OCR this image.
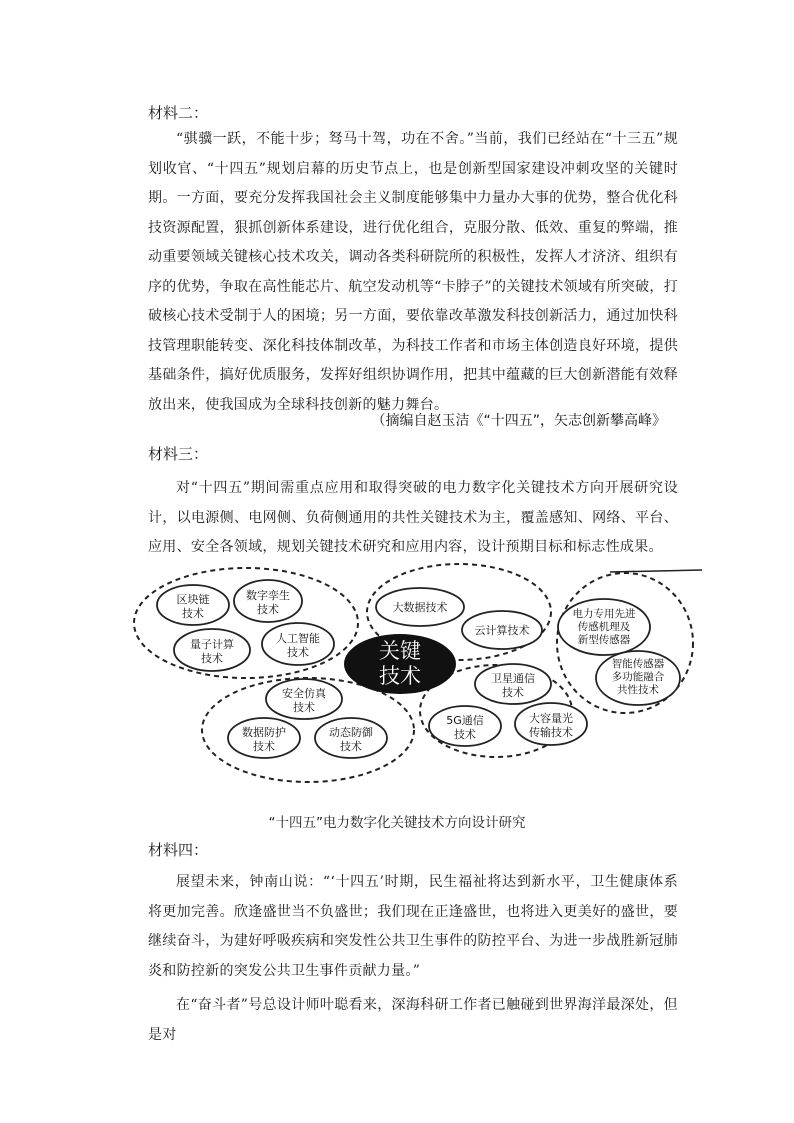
材料二：

“骐骥一跃，不能十步；驽马十驾，功在不舍。”当前，我们已经站在“十三五”规划收官、“十四五”规划启幕的历史节点上，也是创新型国家建设冲刺攻坚的关键时期。一方面，要充分发挥我国社会主义制度能够集中力量办大事的优势，整合优化科技资源配置，狠抓创新体系建设，进行优化组合，克服分散、低效、重复的弊端，推动重要领域关键核心技术攻关，调动各类科研院所的积极性，发挥人才济济、组织有序的优势，争取在高性能芯片、航空发动机等“卡脖子”的关键技术领域有所突破，打破核心技术受制于人的困境；另一方面，要依靠改革激发科技创新活力，通过加快科技管理职能转变、深化科技体制改革，为科技工作者和市场主体创造良好环境，提供基础条件，搞好优质服务，发挥好组织协调作用，把其中蕴藏的巨大创新潜能有效释放出来，使我国成为全球科技创新的魅力舞台。

（摘编自赵玉洁《“十四五”，矢志创新攀高峰》
材料三：

对“十四五”期间需重点应用和取得突破的电力数字化关键技术方向开展研究设计，以电源侧、电网侧、负荷侧通用的共性关键技术为主，覆盖感知、网络、平台、应用、安全各领域，规划关键技术研究和应用内容，设计预期目标和标志性成果。

关键
技术
区块链
技术
数字孪生
技术
量子计算
技术
人工智能
技术
大数据技术
云计算技术
电力专用先进
传感机理及
新型传感器
智能传感器
多功能融合
共性技术
卫星通信
技术
5G通信
技术
大容量光
传输技术
安全仿真
技术
数据防护
技术
动态防御
技术
“十四五”电力数字化关键技术方向设计研究
材料四：

展望未来，钟南山说：“‘十四五’时期，民生福祉将达到新水平，卫生健康体系将更加完善。欣逢盛世当不负盛世；我们现在正逢盛世，也将进入更美好的盛世，要继续奋斗，为建好呼吸疾病和突发性公共卫生事件的防控平台、为进一步战胜新冠肺炎和防控新的突发公共卫生事件贡献力量。”

在“奋斗者”号总设计师叶聪看来，深海科研工作者已触碰到世界海洋最深处，但是对
